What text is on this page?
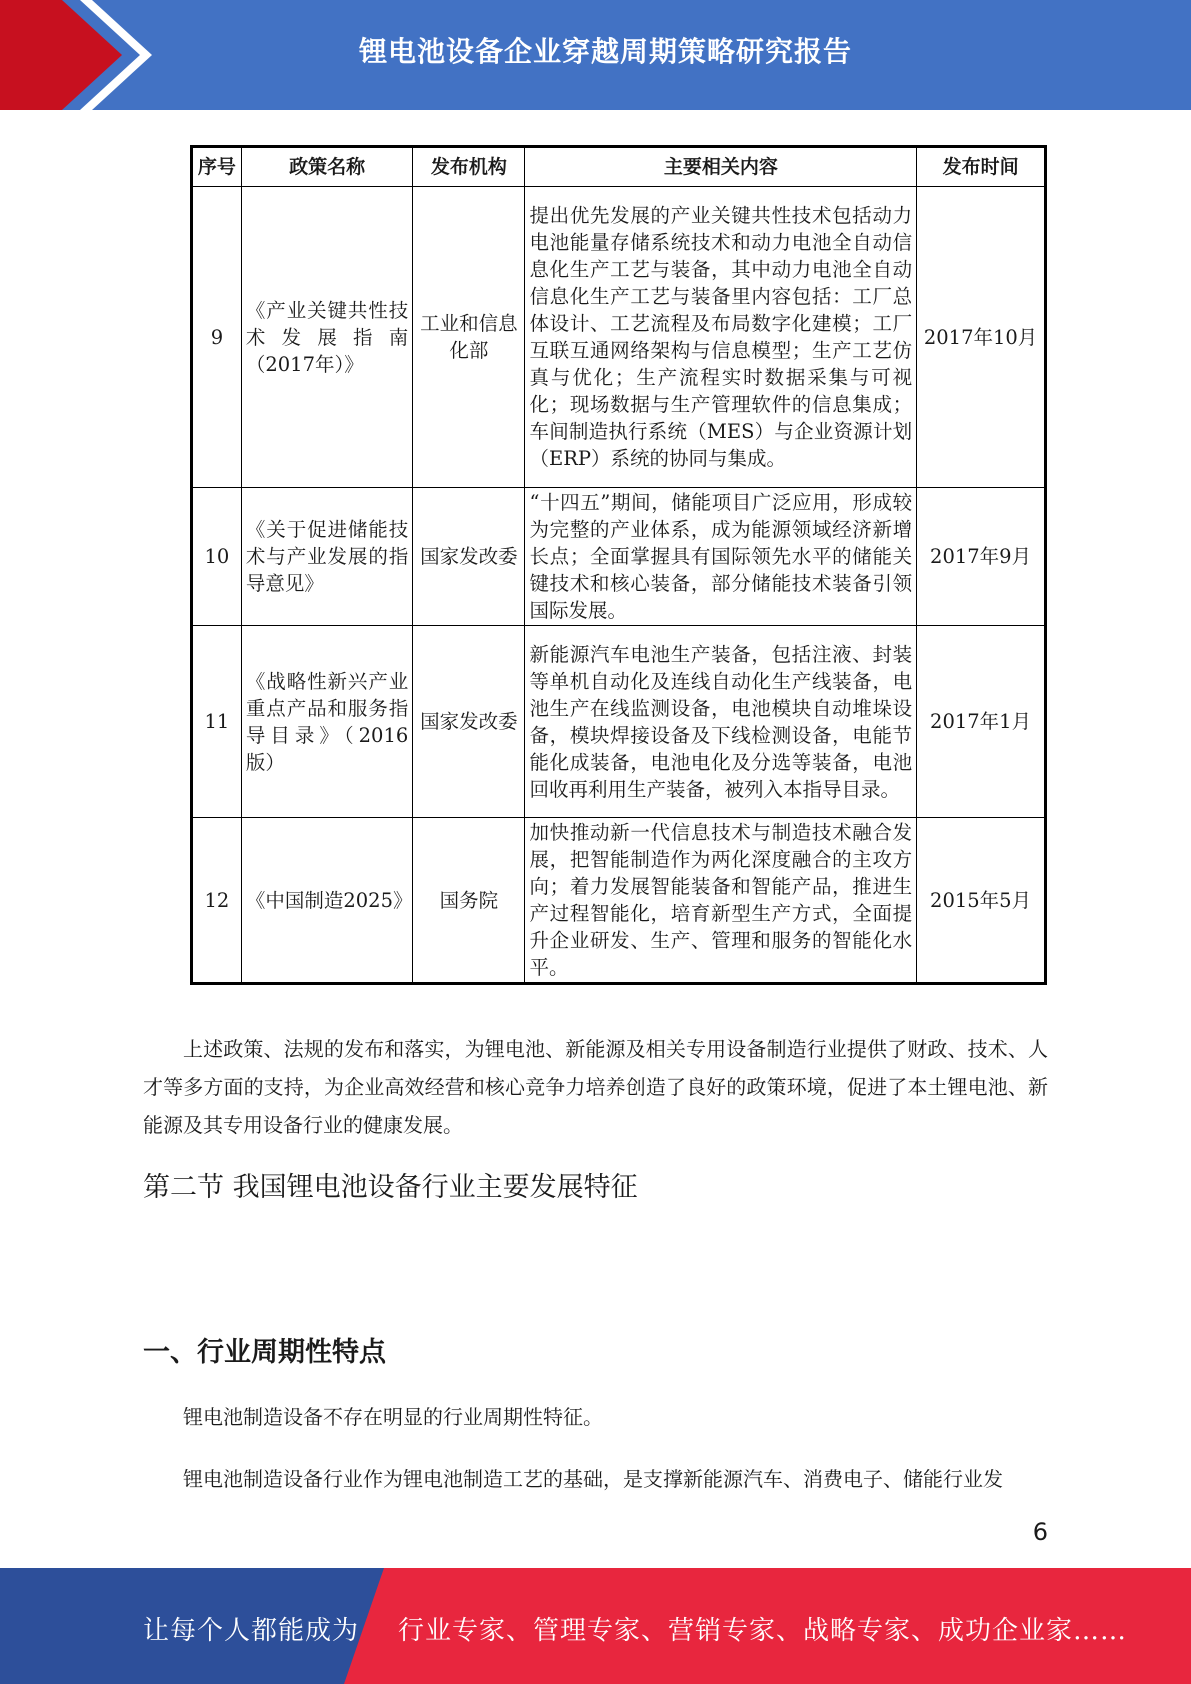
锂电池设备企业穿越周期策略研究报告
序号	政策名称	发布机构	主要相关内容	发布时间
9	《产业关键共性技术发展指南（2017年）》	工业和信息化部	提出优先发展的产业关键共性技术包括动力电池能量存储系统技术和动力电池全自动信息化生产工艺与装备，其中动力电池全自动信息化生产工艺与装备里内容包括：工厂总体设计、工艺流程及布局数字化建模；工厂互联互通网络架构与信息模型；生产工艺仿真与优化；生产流程实时数据采集与可视化；现场数据与生产管理软件的信息集成；车间制造执行系统（MES）与企业资源计划（ERP）系统的协同与集成。	2017年10月
10	《关于促进储能技术与产业发展的指导意见》	国家发改委	“十四五”期间，储能项目广泛应用，形成较为完整的产业体系，成为能源领域经济新增长点；全面掌握具有国际领先水平的储能关键技术和核心装备，部分储能技术装备引领国际发展。	2017年9月
11	《战略性新兴产业重点产品和服务指导目录》（2016版）	国家发改委	新能源汽车电池生产装备，包括注液、封装等单机自动化及连线自动化生产线装备，电池生产在线监测设备，电池模块自动堆垛设备，模块焊接设备及下线检测设备，电能节能化成装备，电池电化及分选等装备，电池回收再利用生产装备，被列入本指导目录。	2017年1月
12	《中国制造2025》	国务院	加快推动新一代信息技术与制造技术融合发展，把智能制造作为两化深度融合的主攻方向；着力发展智能装备和智能产品，推进生产过程智能化，培育新型生产方式，全面提升企业研发、生产、管理和服务的智能化水平。	2015年5月

上述政策、法规的发布和落实，为锂电池、新能源及相关专用设备制造行业提供了财政、技术、人才等多方面的支持，为企业高效经营和核心竞争力培养创造了良好的政策环境，促进了本土锂电池、新能源及其专用设备行业的健康发展。

第二节 我国锂电池设备行业主要发展特征
一、行业周期性特点

锂电池制造设备不存在明显的行业周期性特征。

锂电池制造设备行业作为锂电池制造工艺的基础，是支撑新能源汽车、消费电子、储能行业发

6
让每个人都能成为 行业专家、管理专家、营销专家、战略专家、成功企业家……
